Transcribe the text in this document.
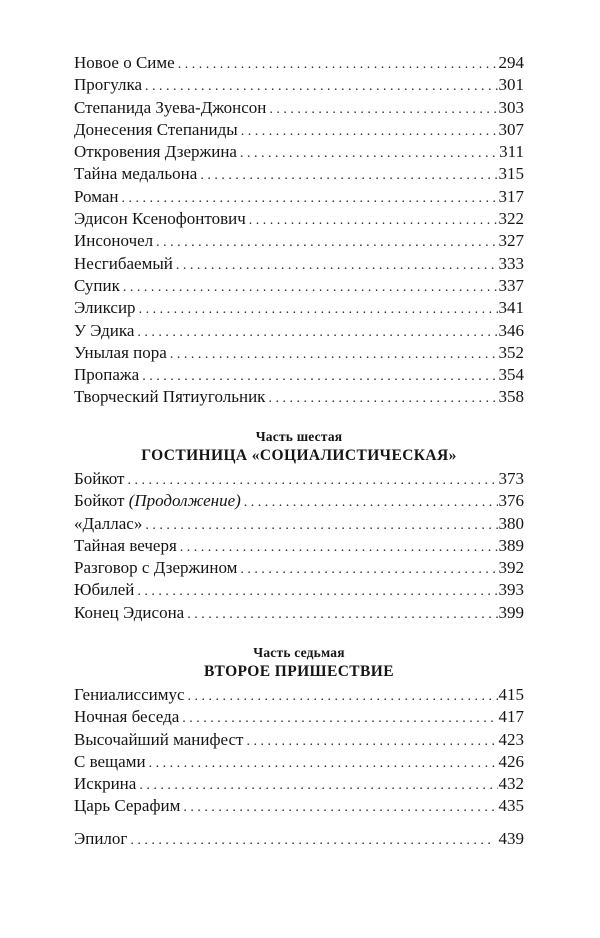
Новое о Симе . . .	294
Прогулка . . .	301
Степанида Зуева-Джонсон . . .	303
Донесения Степаниды . . .	307
Откровения Дзержина . . .	311
Тайна медальона . . .	315
Роман . . .	317
Эдисон Ксенофонтович . . .	322
Инсоночел . . .	327
Несгибаемый . . .	333
Супик . . .	337
Эликсир . . .	341
У Эдика . . .	346
Унылая пора . . .	352
Пропажа . . .	354
Творческий Пятиугольник . . .	358
Часть шестая
ГОСТИНИЦА «СОЦИАЛИСТИЧЕСКАЯ»
Бойкот . . .	373
Бойкот (Продолжение) . . .	376
«Даллас» . . .	380
Тайная вечеря . . .	389
Разговор с Дзержином . . .	392
Юбилей . . .	393
Конец Эдисона . . .	399
Часть седьмая
ВТОРОЕ ПРИШЕСТВИЕ
Гениалиссимус . . .	415
Ночная беседа . . .	417
Высочайший манифест . . .	423
С вещами . . .	426
Искрина . . .	432
Царь Серафим . . .	435
Эпилог . . .	439
